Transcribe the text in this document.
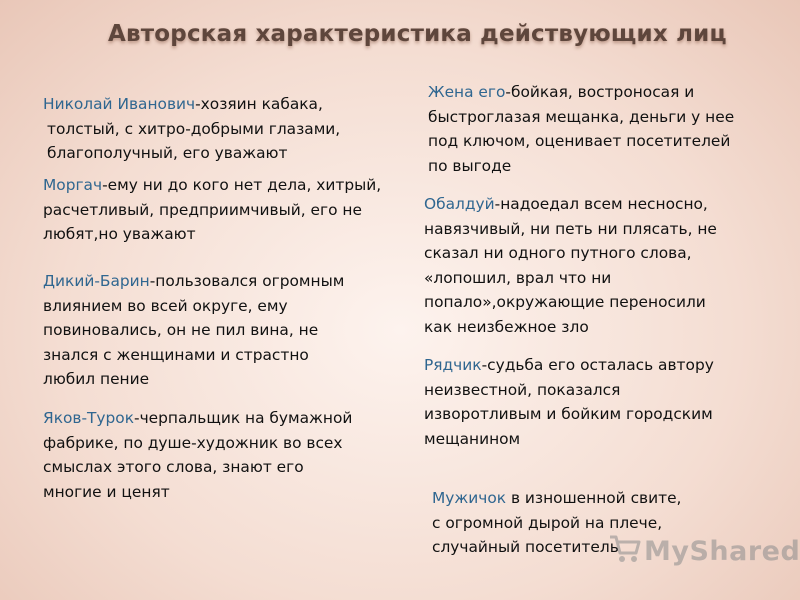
Авторская характеристика действующих лиц
Николай Иванович-хозяин кабака,
толстый, с хитро-добрыми глазами,
благополучный, его уважают
Моргач-ему ни до кого нет дела, хитрый,
расчетливый, предприимчивый, его не
любят,но уважают
Дикий-Барин-пользовался огромным
влиянием во всей округе, ему
повиновались, он не пил вина, не
знался с женщинами и страстно
любил пение
Яков-Турок-черпальщик на бумажной
фабрике, по душе-художник во всех
смыслах этого слова, знают его
многие и ценят
Жена его-бойкая, востроносая и
быстроглазая мещанка, деньги у нее
под ключом, оценивает посетителей
по выгоде
Обалдуй-надоедал всем несносно,
навязчивый, ни петь ни плясать, не
сказал ни одного путного слова,
«лопошил, врал что ни
попало»,окружающие переносили
как неизбежное зло
Рядчик-судьба его осталась автору
неизвестной, показался
изворотливым и бойким городским
мещанином
Мужичок в изношенной свите,
с огромной дырой на плече,
случайный посетитель MyShared
